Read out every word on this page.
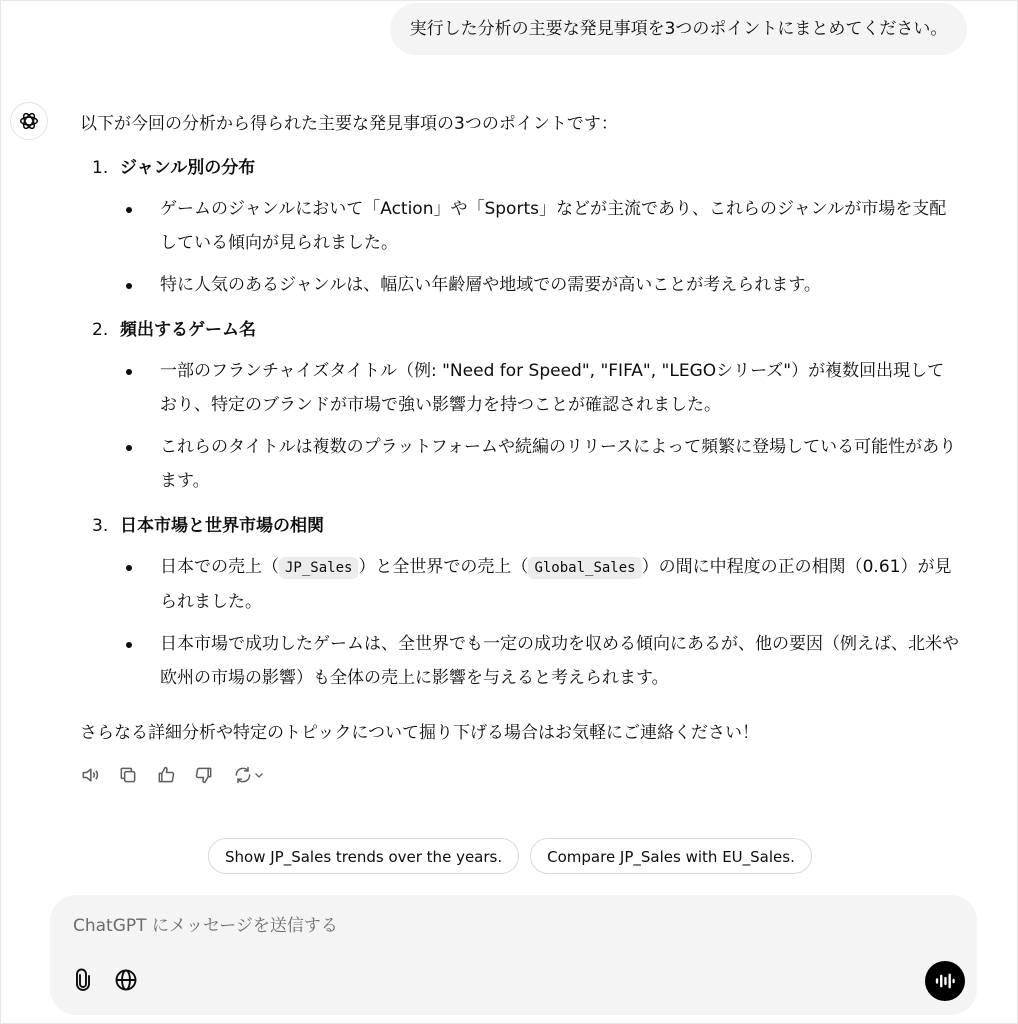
実行した分析の主要な発見事項を3つのポイントにまとめてください。

以下が今回の分析から得られた主要な発見事項の3つのポイントです：

1. ジャンル別の分布
ゲームのジャンルにおいて「Action」や「Sports」などが主流であり、これらのジャンルが市場を支配している傾向が見られました。
特に人気のあるジャンルは、幅広い年齢層や地域での需要が高いことが考えられます。
2. 頻出するゲーム名
一部のフランチャイズタイトル（例: "Need for Speed", "FIFA", "LEGOシリーズ"）が複数回出現しており、特定のブランドが市場で強い影響力を持つことが確認されました。
これらのタイトルは複数のプラットフォームや続編のリリースによって頻繁に登場している可能性があります。
3. 日本市場と世界市場の相関
日本での売上（ JP_Sales ）と全世界での売上（ Global_Sales ）の間に中程度の正の相関（0.61）が見られました。
日本市場で成功したゲームは、全世界でも一定の成功を収める傾向にあるが、他の要因（例えば、北米や欧州の市場の影響）も全体の売上に影響を与えると考えられます。

さらなる詳細分析や特定のトピックについて掘り下げる場合はお気軽にご連絡ください！

Show JP_Sales trends over the years.	Compare JP_Sales with EU_Sales.
ChatGPT にメッセージを送信する
